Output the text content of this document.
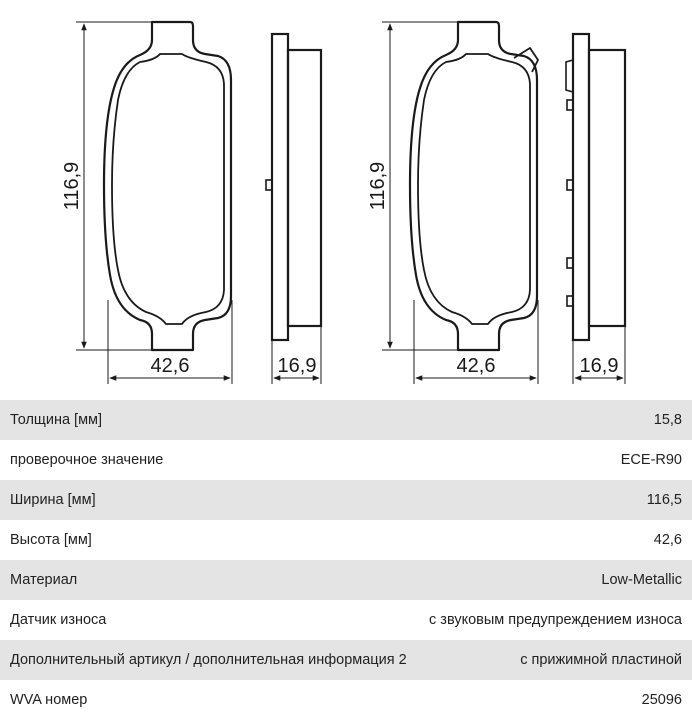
116,9
42,6	16,9
116,9
42,6	16,9
Толщина [мм]	15,8
проверочное значение	ECE-R90
Ширина [мм]	116,5
Высота [мм]	42,6
Материал	Low-Metallic
Датчик износа	с звуковым предупреждением износа
Дополнительный артикул / дополнительная информация 2	с прижимной пластиной
WVA номер	25096
